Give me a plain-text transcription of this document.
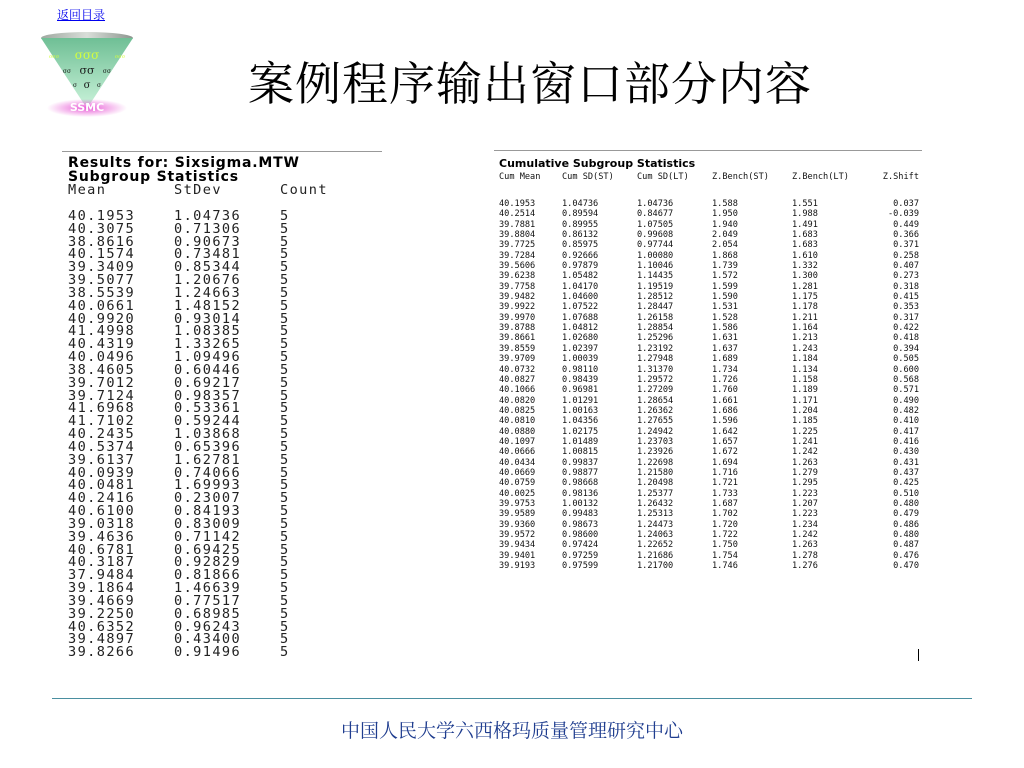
返回目录
σσσ
σσσ	σσσ
σσ
σσ	σσ
σ
σ	σ
SSMC	案例程序输出窗口部分内容
Results for: Sixsigma.MTW
Subgroup Statistics
Mean	StDev	Count
40.1953	1.04736	5
40.3075	0.71306	5
38.8616	0.90673	5
40.1574	0.73481	5
39.3409	0.85344	5
39.5077	1.20676	5
38.5539	1.24663	5
40.0661	1.48152	5
40.9920	0.93014	5
41.4998	1.08385	5
40.4319	1.33265	5
40.0496	1.09496	5
38.4605	0.60446	5
39.7012	0.69217	5
39.7124	0.98357	5
41.6968	0.53361	5
41.7102	0.59244	5
40.2435	1.03868	5
40.5374	0.65396	5
39.6137	1.62781	5
40.0939	0.74066	5
40.0481	1.69993	5
40.2416	0.23007	5
40.6100	0.84193	5
39.0318	0.83009	5
39.4636	0.71142	5
40.6781	0.69425	5
40.3187	0.92829	5
37.9484	0.81866	5
39.1864	1.46639	5
39.4669	0.77517	5
39.2250	0.68985	5
40.6352	0.96243	5
39.4897	0.43400	5
39.8266	0.91496	5
Cumulative Subgroup Statistics
Cum Mean	Cum SD(ST)	Cum SD(LT)	Z.Bench(ST)	Z.Bench(LT)	Z.Shift
40.1953	1.04736	1.04736	1.588	1.551	0.037
40.2514	0.89594	0.84677	1.950	1.988	-0.039
39.7881	0.89955	1.07505	1.940	1.491	0.449
39.8804	0.86132	0.99608	2.049	1.683	0.366
39.7725	0.85975	0.97744	2.054	1.683	0.371
39.7284	0.92666	1.00080	1.868	1.610	0.258
39.5606	0.97879	1.10046	1.739	1.332	0.407
39.6238	1.05482	1.14435	1.572	1.300	0.273
39.7758	1.04170	1.19519	1.599	1.281	0.318
39.9482	1.04600	1.28512	1.590	1.175	0.415
39.9922	1.07522	1.28447	1.531	1.178	0.353
39.9970	1.07688	1.26158	1.528	1.211	0.317
39.8788	1.04812	1.28854	1.586	1.164	0.422
39.8661	1.02680	1.25296	1.631	1.213	0.418
39.8559	1.02397	1.23192	1.637	1.243	0.394
39.9709	1.00039	1.27948	1.689	1.184	0.505
40.0732	0.98110	1.31370	1.734	1.134	0.600
40.0827	0.98439	1.29572	1.726	1.158	0.568
40.1066	0.96981	1.27209	1.760	1.189	0.571
40.0820	1.01291	1.28654	1.661	1.171	0.490
40.0825	1.00163	1.26362	1.686	1.204	0.482
40.0810	1.04356	1.27655	1.596	1.185	0.410
40.0880	1.02175	1.24942	1.642	1.225	0.417
40.1097	1.01489	1.23703	1.657	1.241	0.416
40.0666	1.00815	1.23926	1.672	1.242	0.430
40.0434	0.99837	1.22698	1.694	1.263	0.431
40.0669	0.98877	1.21580	1.716	1.279	0.437
40.0759	0.98668	1.20498	1.721	1.295	0.425
40.0025	0.98136	1.25377	1.733	1.223	0.510
39.9753	1.00132	1.26432	1.687	1.207	0.480
39.9589	0.99483	1.25313	1.702	1.223	0.479
39.9360	0.98673	1.24473	1.720	1.234	0.486
39.9572	0.98600	1.24063	1.722	1.242	0.480
39.9434	0.97424	1.22652	1.750	1.263	0.487
39.9401	0.97259	1.21686	1.754	1.278	0.476
39.9193	0.97599	1.21700	1.746	1.276	0.470
中国人民大学六西格玛质量管理研究中心
